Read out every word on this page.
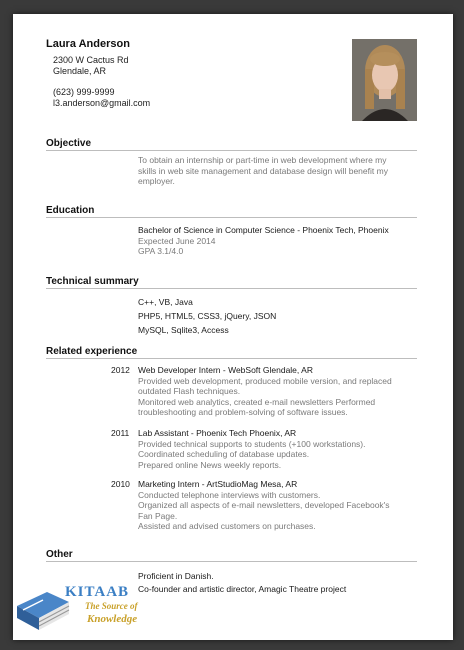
Laura Anderson
2300 W Cactus Rd
Glendale, AR
(623) 999-9999
l3.anderson@gmail.com
Objective
To obtain an internship or part-time in web development where my
skills in web site management and database design will benefit my
employer.
Education
Bachelor of Science in Computer Science - Phoenix Tech, Phoenix
Expected June 2014
GPA 3.1/4.0
Technical summary
C++, VB, Java
PHP5, HTML5, CSS3, jQuery, JSON
MySQL, Sqlite3, Access
Related experience
2012 Web Developer Intern - WebSoft Glendale, AR
Provided web development, produced mobile version, and replaced
outdated Flash techniques.
Monitored web analytics, created e-mail newsletters Performed
troubleshooting and problem-solving of software issues.
2011 Lab Assistant - Phoenix Tech Phoenix, AR
Provided technical supports to students (+100 workstations).
Coordinated scheduling of database updates.
Prepared online News weekly reports.
2010 Marketing Intern - ArtStudioMag Mesa, AR
Conducted telephone interviews with customers.
Organized all aspects of e-mail newsletters, developed Facebook's
Fan Page.
Assisted and advised customers on purchases.
Other
Proficient in Danish.
Co-founder and artistic director, Amagic Theatre project
KITAAB
The Source of
Knowledge
